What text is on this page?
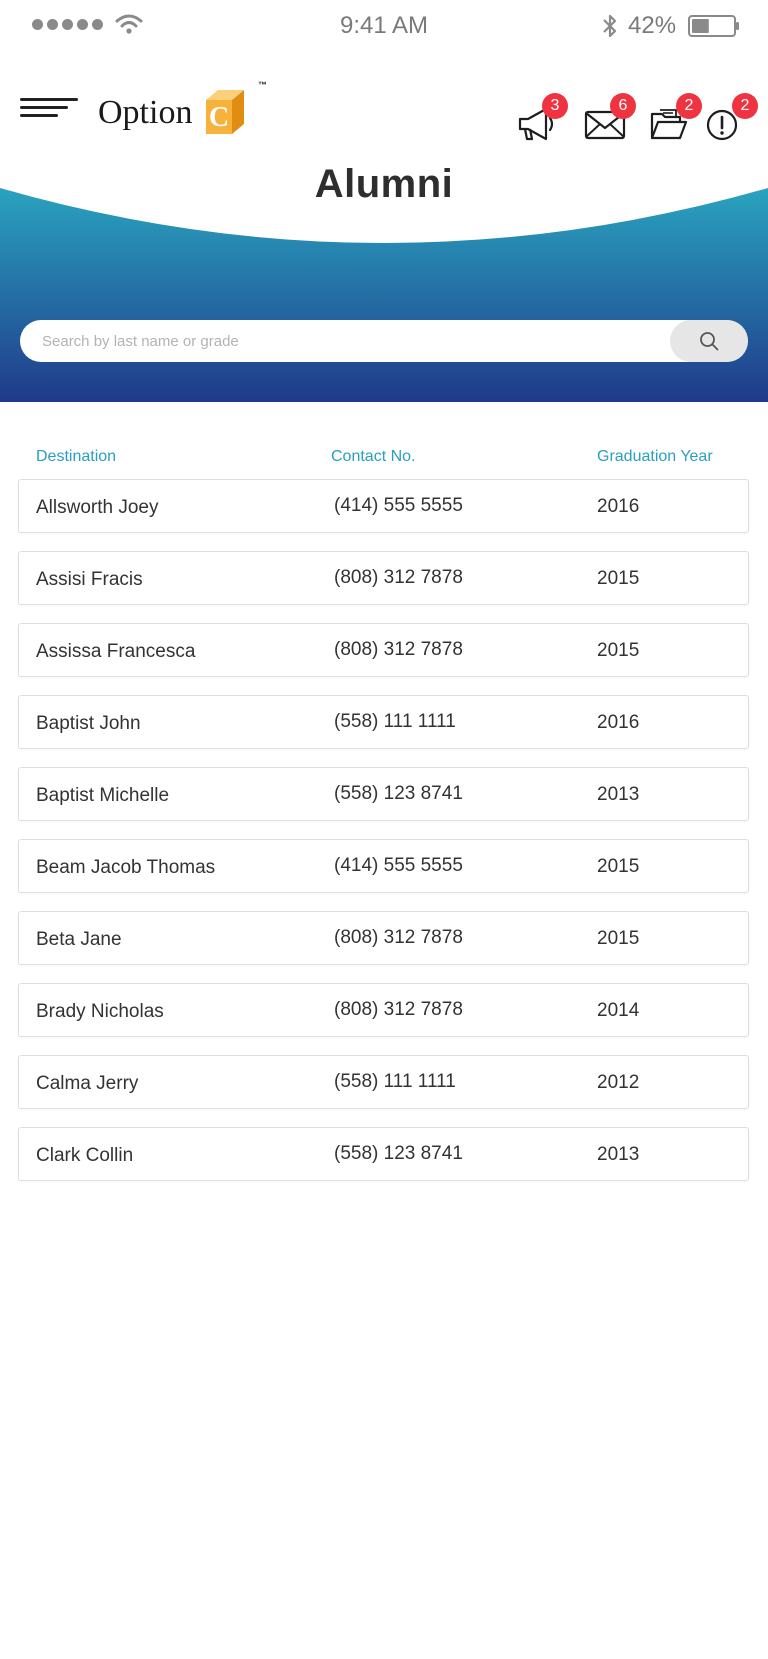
9:41 AM	42%
Option C
™
3	6	2	2
Alumni
Search by last name or grade
Destination	Contact No.	Graduation Year
Allsworth Joey	(414) 555 5555	2016
Assisi Fracis	(808) 312 7878	2015
Assissa Francesca	(808) 312 7878	2015
Baptist John	(558) 111 1111	2016
Baptist Michelle	(558) 123 8741	2013
Beam Jacob Thomas	(414) 555 5555	2015
Beta Jane	(808) 312 7878	2015
Brady Nicholas	(808) 312 7878	2014
Calma Jerry	(558) 111 1111	2012
Clark Collin	(558) 123 8741	2013
